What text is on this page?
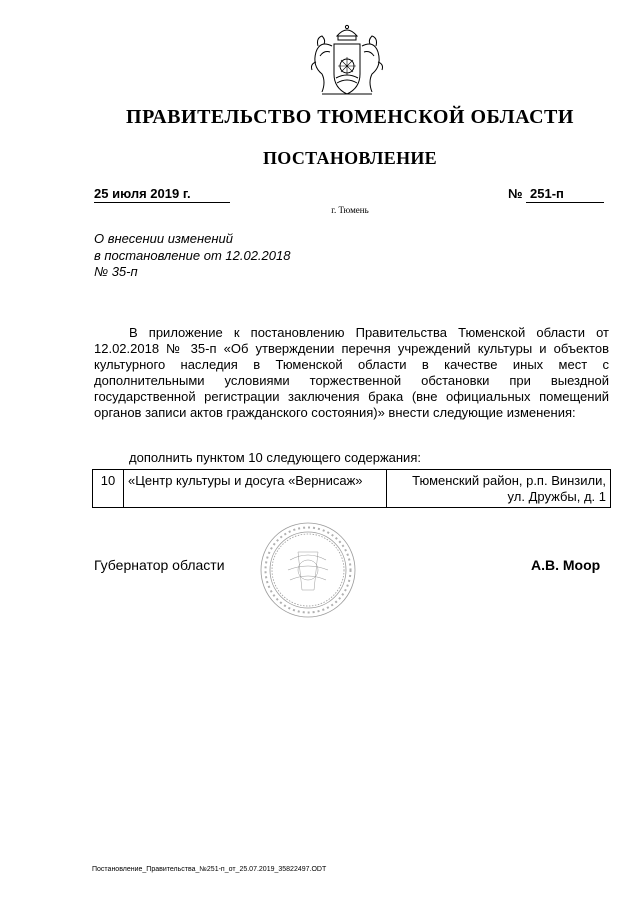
ПРАВИТЕЛЬСТВО ТЮМЕНСКОЙ ОБЛАСТИ
ПОСТАНОВЛЕНИЕ
25 июля 2019 г.	№ 251-п
г. Тюмень
О внесении изменений
в постановление от 12.02.2018
№ 35-п

В приложение к постановлению Правительства Тюменской области от 12.02.2018 № 35-п «Об утверждении перечня учреждений культуры и объектов культурного наследия в Тюменской области в качестве иных мест с дополнительными условиями торжественной обстановки при выездной государственной регистрации заключения брака (вне официальных помещений органов записи актов гражданского состояния)» внести следующие изменения:

дополнить пунктом 10 следующего содержания:

10	«Центр культуры и досуга «Вернисаж»	Тюменский район, р.п. Винзили,
ул. Дружбы, д. 1
Губернатор области	А.В. Моор
Постановление_Правительства_№251-п_от_25.07.2019_35822497.ODT
